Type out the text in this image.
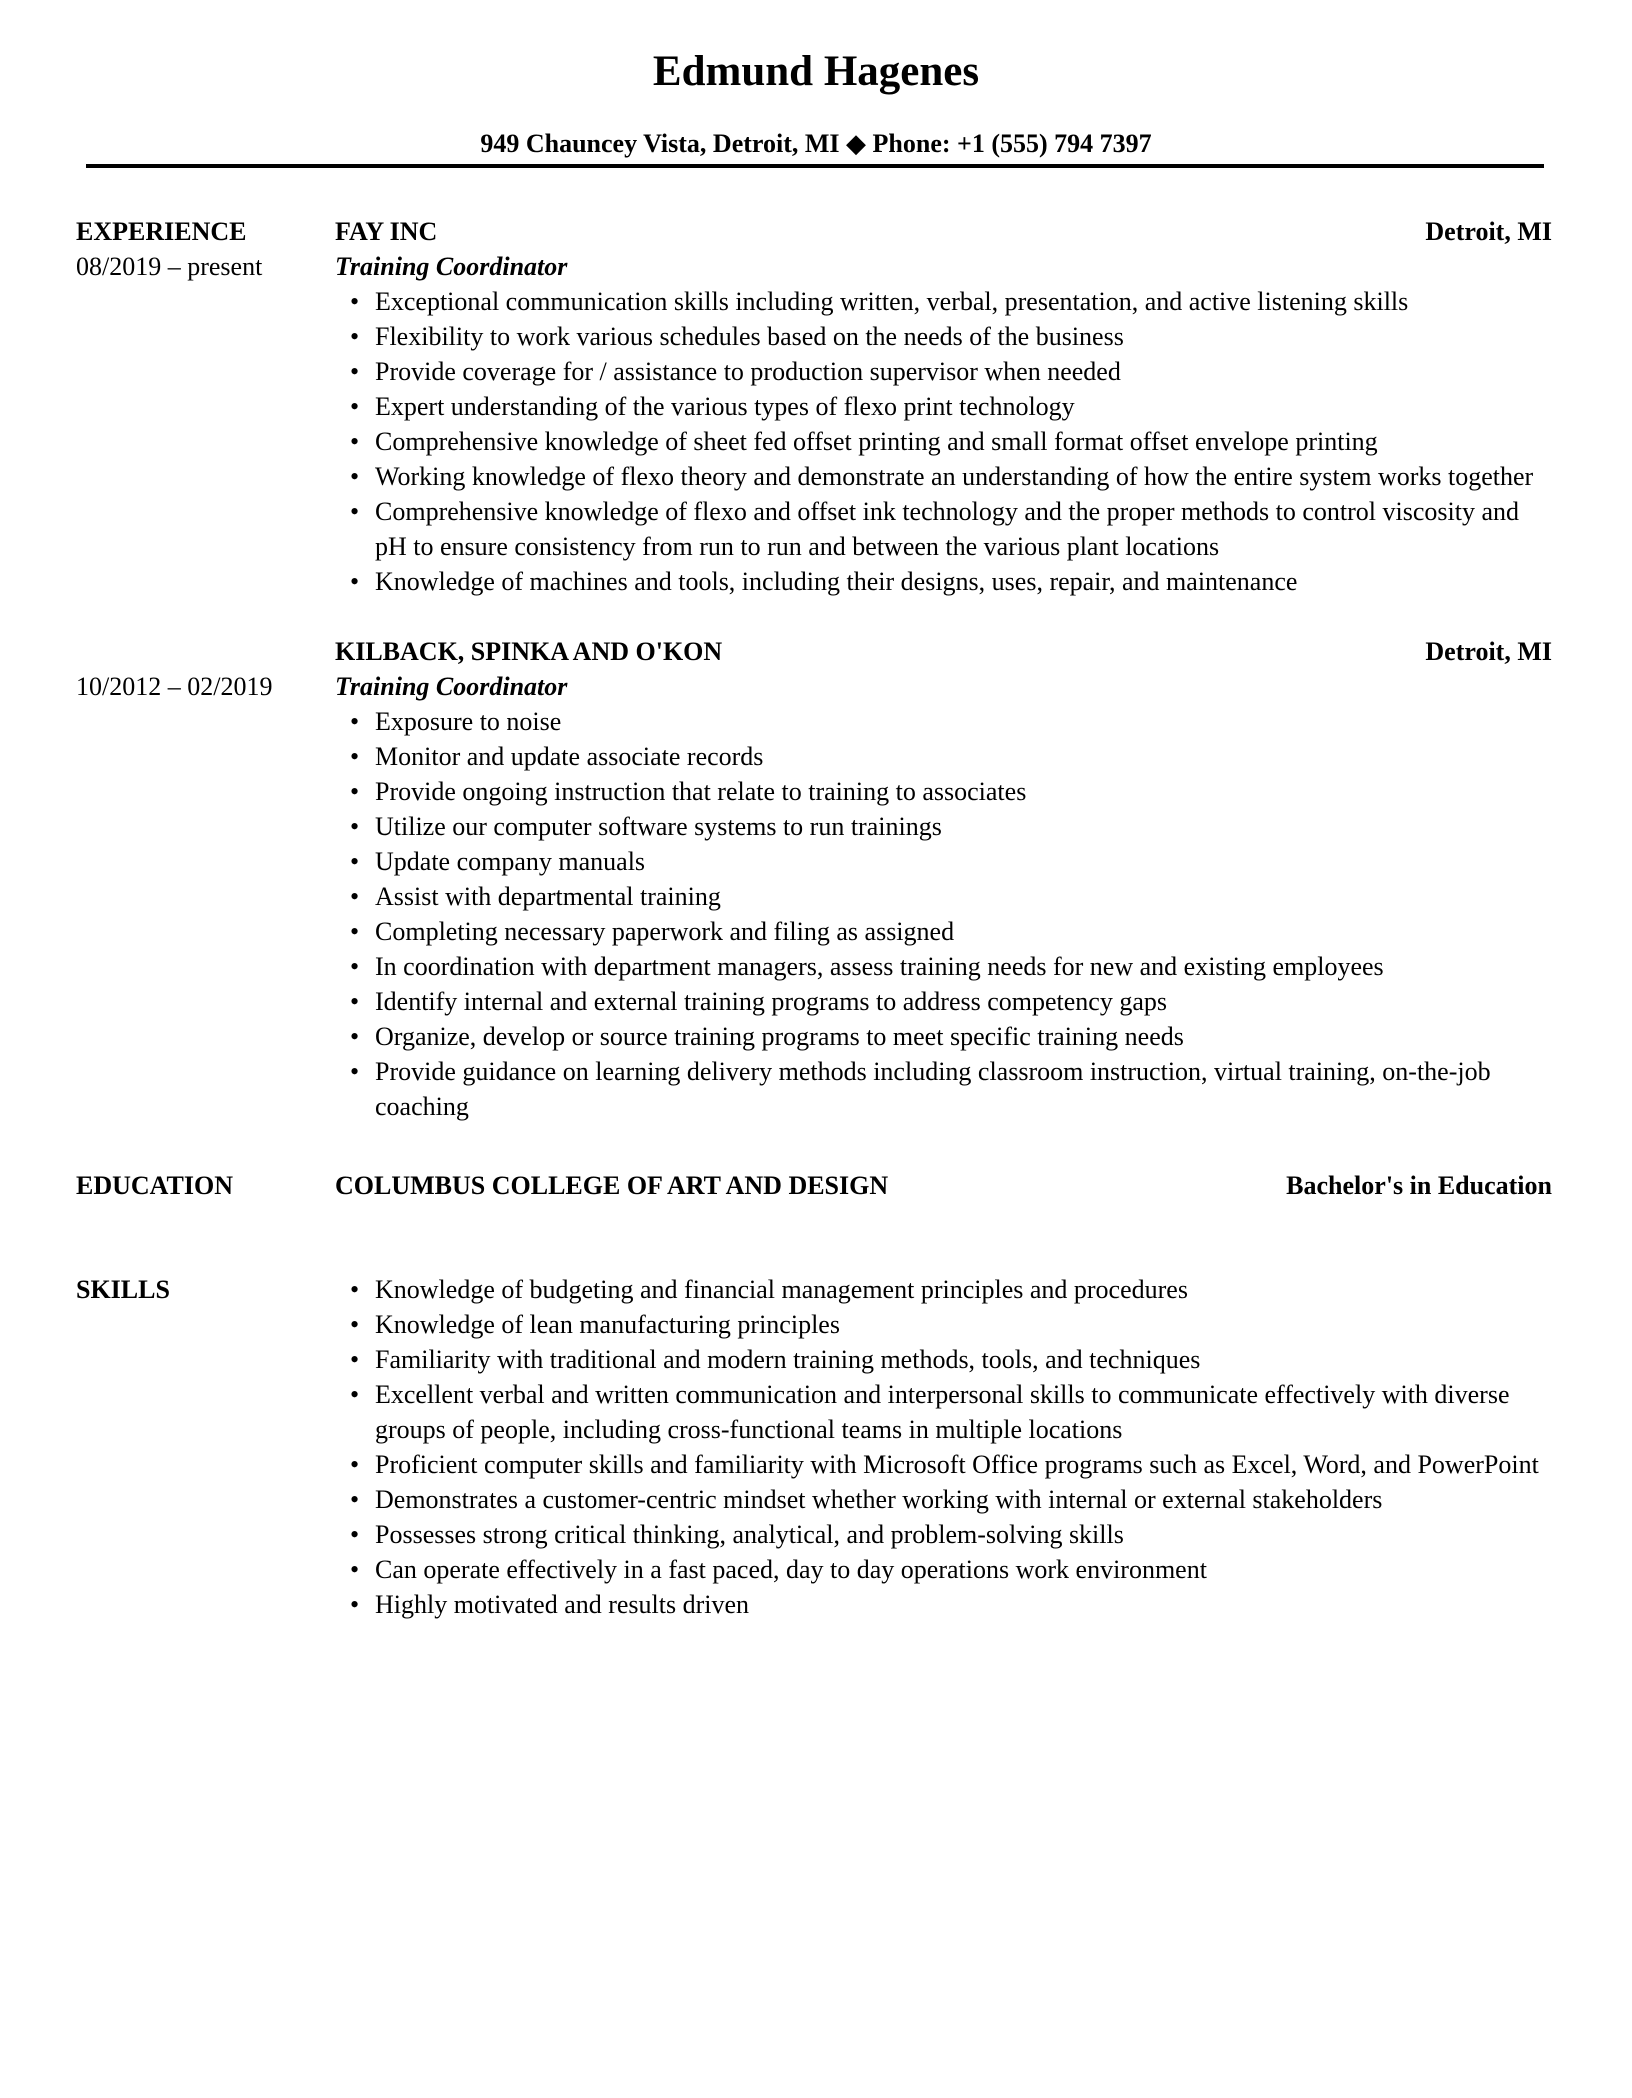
Edmund Hagenes
949 Chauncey Vista, Detroit, MI ◆ Phone: +1 (555) 794 7397
EXPERIENCE
08/2019 – present
FAY INC	Detroit, MI
Training Coordinator
• Exceptional communication skills including written, verbal, presentation, and active listening skills
• Flexibility to work various schedules based on the needs of the business
• Provide coverage for / assistance to production supervisor when needed
• Expert understanding of the various types of flexo print technology
• Comprehensive knowledge of sheet fed offset printing and small format offset envelope printing
• Working knowledge of flexo theory and demonstrate an understanding of how the entire system works together
• Comprehensive knowledge of flexo and offset ink technology and the proper methods to control viscosity and pH to ensure consistency from run to run and between the various plant locations
• Knowledge of machines and tools, including their designs, uses, repair, and maintenance

10/2012 – 02/2019
KILBACK, SPINKA AND O'KON	Detroit, MI
Training Coordinator
• Exposure to noise
• Monitor and update associate records
• Provide ongoing instruction that relate to training to associates
• Utilize our computer software systems to run trainings
• Update company manuals
• Assist with departmental training
• Completing necessary paperwork and filing as assigned
• In coordination with department managers, assess training needs for new and existing employees
• Identify internal and external training programs to address competency gaps
• Organize, develop or source training programs to meet specific training needs
• Provide guidance on learning delivery methods including classroom instruction, virtual training, on-the-job coaching
EDUCATION	COLUMBUS COLLEGE OF ART AND DESIGN	Bachelor's in Education
SKILLS	• Knowledge of budgeting and financial management principles and procedures
• Knowledge of lean manufacturing principles
• Familiarity with traditional and modern training methods, tools, and techniques
• Excellent verbal and written communication and interpersonal skills to communicate effectively with diverse groups of people, including cross-functional teams in multiple locations
• Proficient computer skills and familiarity with Microsoft Office programs such as Excel, Word, and PowerPoint
• Demonstrates a customer-centric mindset whether working with internal or external stakeholders
• Possesses strong critical thinking, analytical, and problem-solving skills
• Can operate effectively in a fast paced, day to day operations work environment
• Highly motivated and results driven
